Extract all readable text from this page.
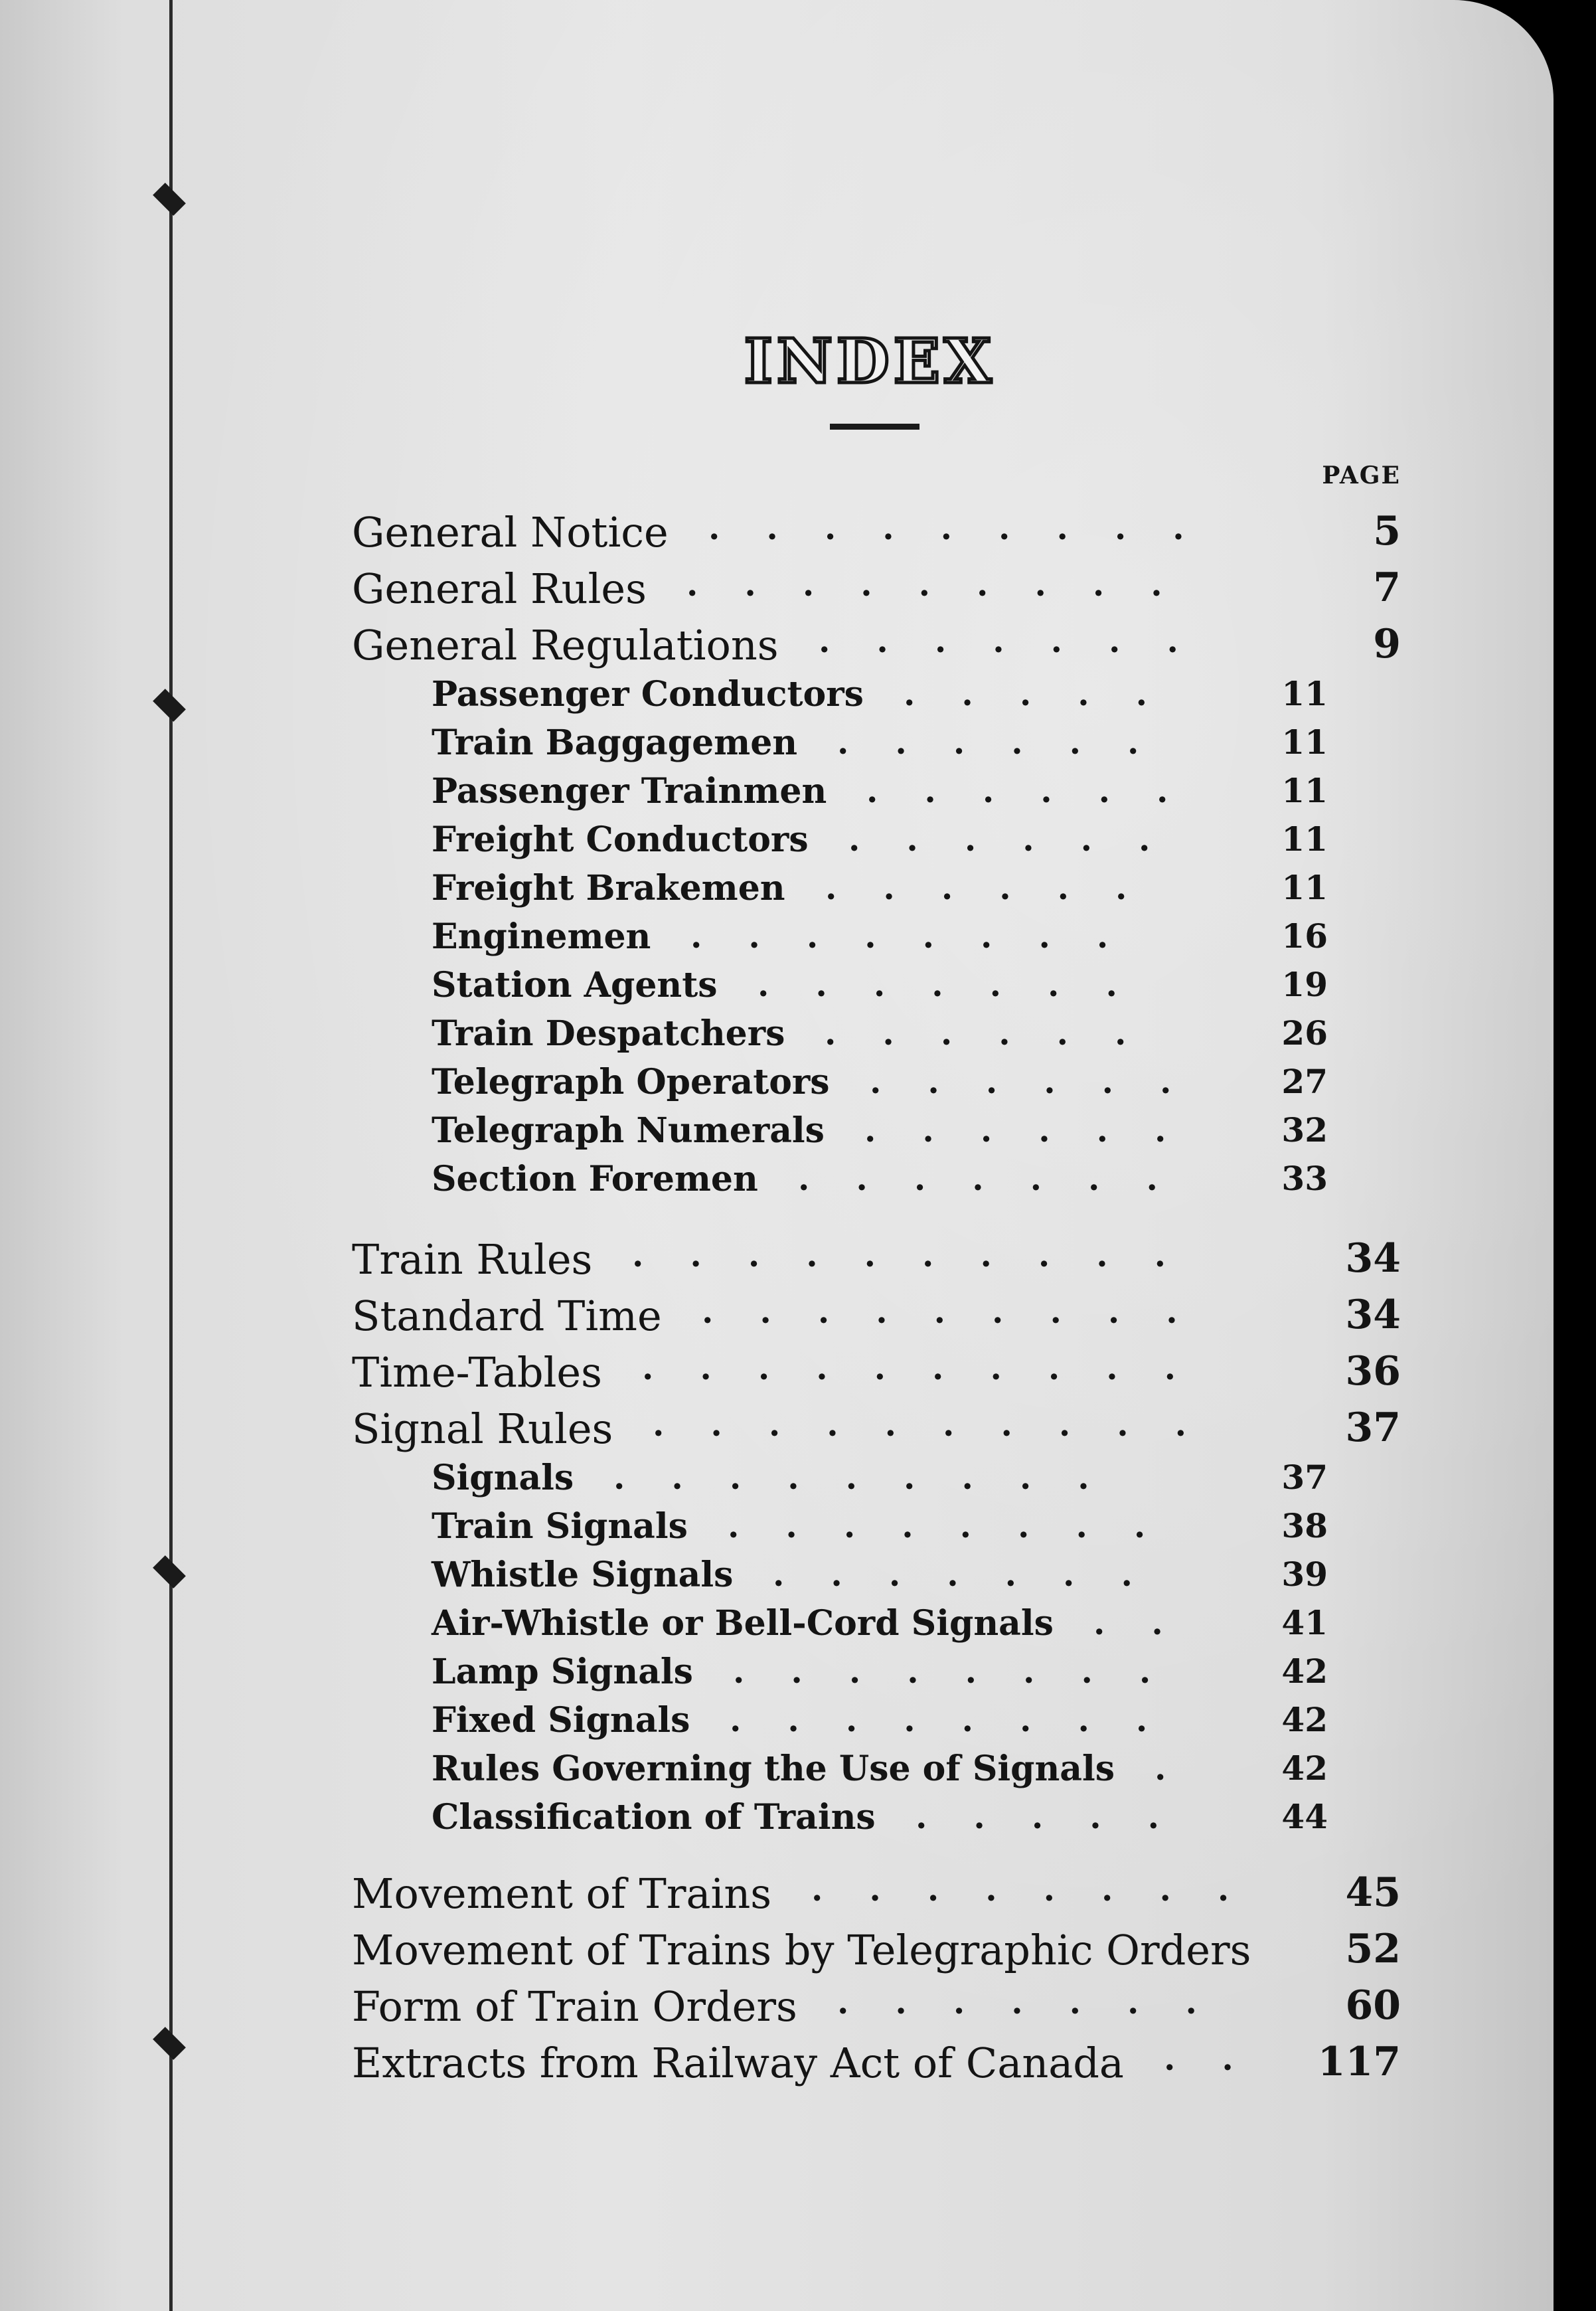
INDEX
PAGE
General Notice	5
.........
General Rules	7
.........
General Regulations	9
.......
Passenger Conductors	11
.....
Train Baggagemen	11
......
Passenger Trainmen	11
......
Freight Conductors	11
......
Freight Brakemen	11
......
Enginemen	16
........
Station Agents	19
.......
Train Despatchers	26
......
Telegraph Operators	27
......
Telegraph Numerals	32
......
Section Foremen	33
.......
Train Rules	34
..........
Standard Time	34
.........
Time-Tables	36
..........
Signal Rules	37
..........
Signals	37
.........
Train Signals	38
........
Whistle Signals	39
.......
Air-Whistle or Bell-Cord Signals	41
..
Lamp Signals	42
........
Fixed Signals	42
........
Rules Governing the Use of Signals	42
.
Classification of Trains	44
.....
Movement of Trains	45
........
Movement of Trains by Telegraphic Orders 52
Form of Train Orders	60
.......
Extracts from Railway Act of Canada	117
..
